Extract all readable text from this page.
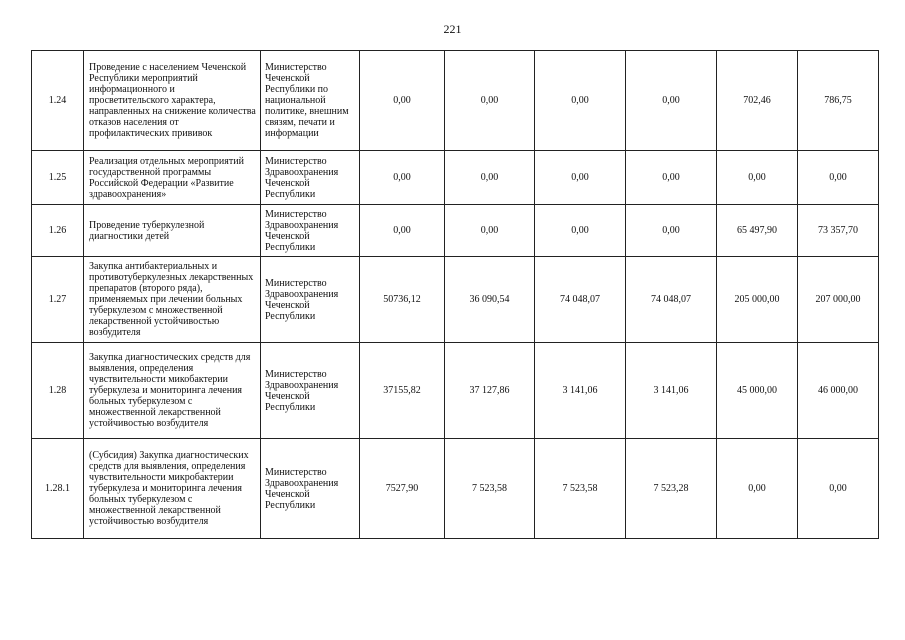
221
1.24	Проведение с населением Чеченской Республики мероприятий информационного и просветительского характера, направленных на снижение количества отказов населения от профилактических прививок	Министерство Чеченской Республики по национальной политике, внешним связям, печати и информации	0,00	0,00	0,00	0,00	702,46	786,75
1.25	Реализация отдельных мероприятий государственной программы Российской Федерации «Развитие здравоохранения»	Министерство Здравоохранения Чеченской Республики	0,00	0,00	0,00	0,00	0,00	0,00
1.26	Проведение туберкулезной диагностики детей	Министерство Здравоохранения Чеченской Республики	0,00	0,00	0,00	0,00	65 497,90	73 357,70
1.27	Закупка антибактериальных и противотуберкулезных лекарственных препаратов (второго ряда), применяемых при лечении больных туберкулезом с множественной лекарственной устойчивостью возбудителя	Министерство Здравоохранения Чеченской Республики	50736,12	36 090,54	74 048,07	74 048,07	205 000,00	207 000,00
1.28	Закупка диагностических средств для выявления, определения чувствительности микобактерии туберкулеза и мониторинга лечения больных туберкулезом с множественной лекарственной устойчивостью возбудителя	Министерство Здравоохранения Чеченской Республики	37155,82	37 127,86	3 141,06	3 141,06	45 000,00	46 000,00
1.28.1	(Субсидия) Закупка диагностических средств для выявления, определения чувствительности микробактерии туберкулеза и мониторинга лечения больных туберкулезом с множественной лекарственной устойчивостью возбудителя	Министерство Здравоохранения Чеченской Республики	7527,90	7 523,58	7 523,58	7 523,28	0,00	0,00
